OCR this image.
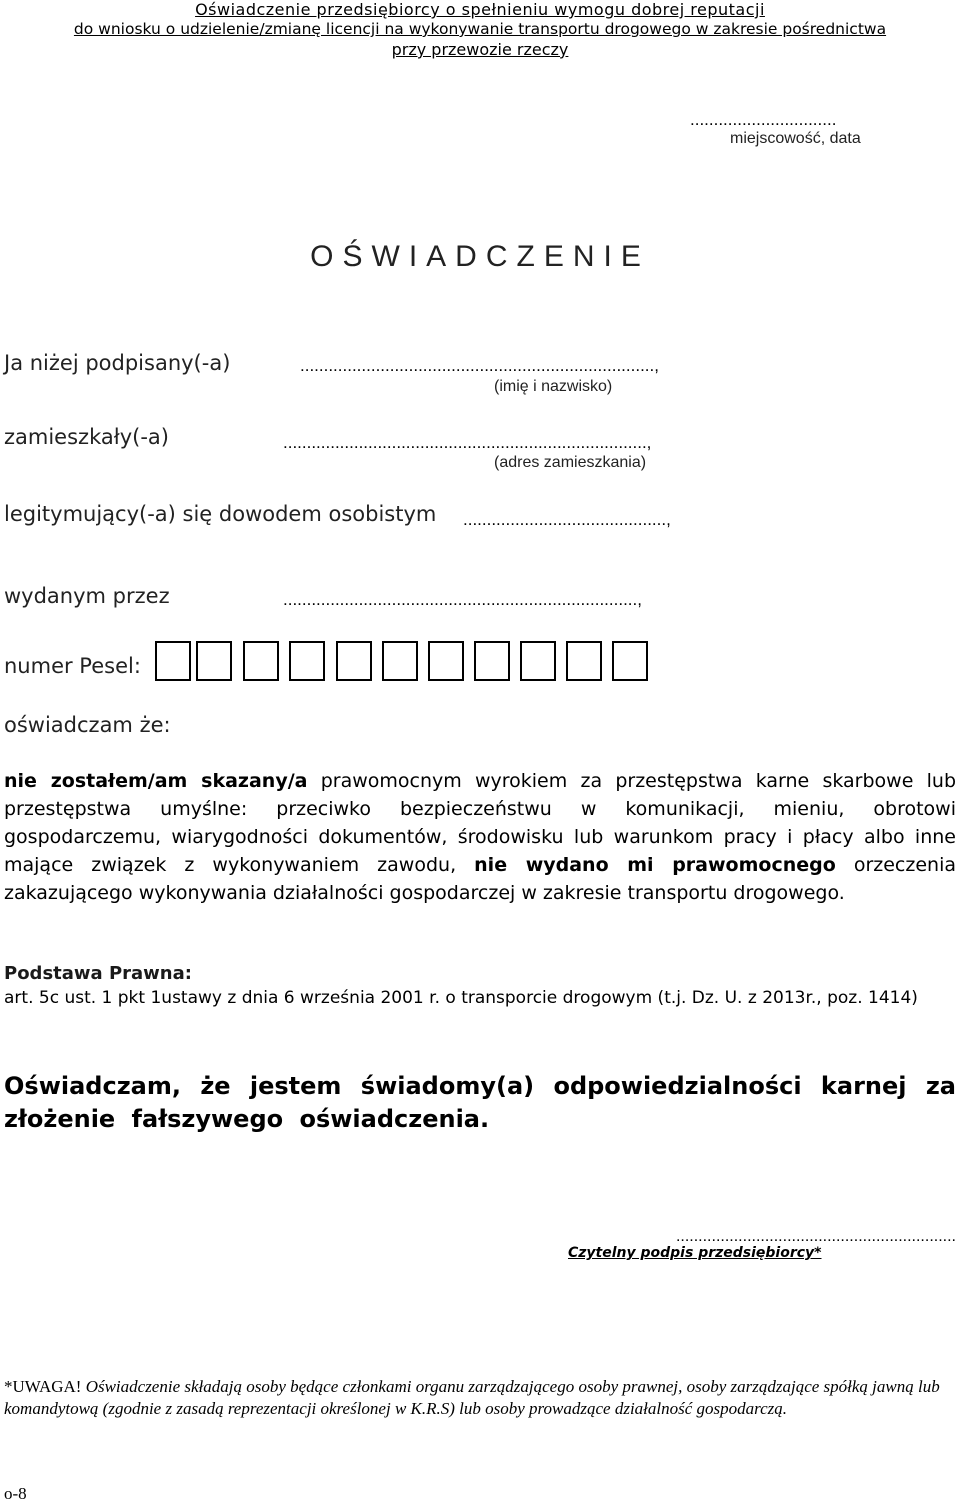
Oświadczenie przedsiębiorcy o spełnieniu wymogu dobrej reputacji
do wniosku o udzielenie/zmianę licencji na wykonywanie transportu drogowego w zakresie pośrednictwa
przy przewozie rzeczy
...............................
miejscowość, data
OŚWIADCZENIE
Ja niżej podpisany(-a)	...........................................................................,
(imię i nazwisko)
zamieszkały(-a)	.............................................................................,
(adres zamieszkania)
legitymujący(-a) się dowodem osobistym ...........................................,
wydanym przez	...........................................................................,
numer Pesel:
oświadczam że:
nie zostałem/am skazany/a prawomocnym wyrokiem za przestępstwa karne skarbowe lub przestępstwa umyślne: przeciwko bezpieczeństwu w komunikacji, mieniu, obrotowi gospodarczemu, wiarygodności dokumentów, środowisku lub warunkom pracy i płacy albo inne mające związek z wykonywaniem zawodu, nie wydano mi prawomocnego orzeczenia zakazującego wykonywania działalności gospodarczej w zakresie transportu drogowego.
Podstawa Prawna:
art. 5c ust. 1 pkt 1ustawy z dnia 6 września 2001 r. o transporcie drogowym (t.j. Dz. U. z 2013r., poz. 1414)
Oświadczam, że jestem świadomy(a) odpowiedzialności karnej za złożenie fałszywego oświadczenia.
...............................................................
Czytelny podpis przedsiębiorcy*
*UWAGA! Oświadczenie składają osoby będące członkami organu zarządzającego osoby prawnej, osoby zarządzające spółką jawną lub komandytową (zgodnie z zasadą reprezentacji określonej w K.R.S) lub osoby prowadzące działalność gospodarczą.
o-8
